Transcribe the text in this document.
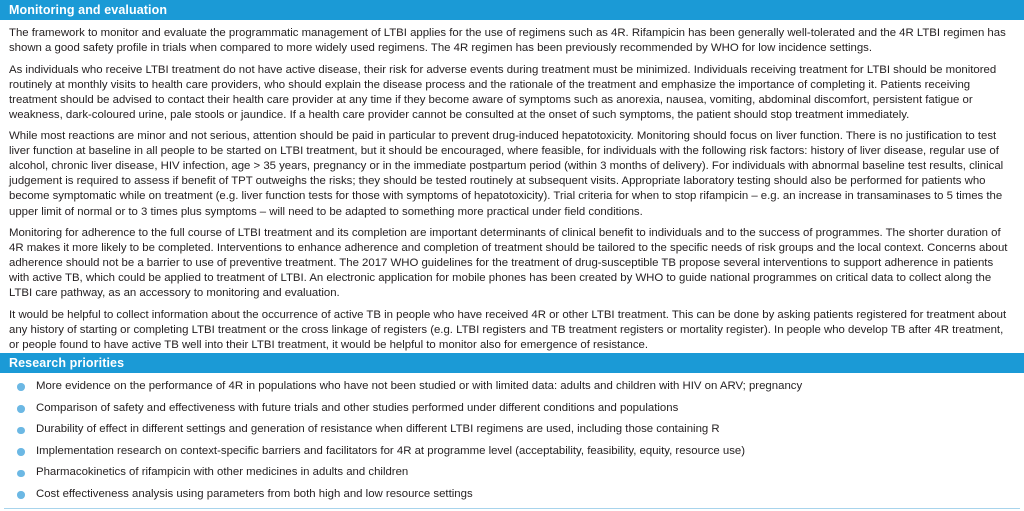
Monitoring and evaluation

The framework to monitor and evaluate the programmatic management of LTBI applies for the use of regimens such as 4R. Rifampicin has been generally well-tolerated and the 4R LTBI regimen has shown a good safety profile in trials when compared to more widely used regimens. The 4R regimen has been previously recommended by WHO for low incidence settings.

As individuals who receive LTBI treatment do not have active disease, their risk for adverse events during treatment must be minimized. Individuals receiving treatment for LTBI should be monitored routinely at monthly visits to health care providers, who should explain the disease process and the rationale of the treatment and emphasize the importance of completing it. Patients receiving treatment should be advised to contact their health care provider at any time if they become aware of symptoms such as anorexia, nausea, vomiting, abdominal discomfort, persistent fatigue or weakness, dark-coloured urine, pale stools or jaundice. If a health care provider cannot be consulted at the onset of such symptoms, the patient should stop treatment immediately.

While most reactions are minor and not serious, attention should be paid in particular to prevent drug-induced hepatotoxicity. Monitoring should focus on liver function. There is no justification to test liver function at baseline in all people to be started on LTBI treatment, but it should be encouraged, where feasible, for individuals with the following risk factors: history of liver disease, regular use of alcohol, chronic liver disease, HIV infection, age > 35 years, pregnancy or in the immediate postpartum period (within 3 months of delivery). For individuals with abnormal baseline test results, clinical judgement is required to assess if benefit of TPT outweighs the risks; they should be tested routinely at subsequent visits. Appropriate laboratory testing should also be performed for patients who become symptomatic while on treatment (e.g. liver function tests for those with symptoms of hepatotoxicity). Trial criteria for when to stop rifampicin – e.g. an increase in transaminases to 5 times the upper limit of normal or to 3 times plus symptoms – will need to be adapted to something more practical under field conditions.

Monitoring for adherence to the full course of LTBI treatment and its completion are important determinants of clinical benefit to individuals and to the success of programmes. The shorter duration of 4R makes it more likely to be completed. Interventions to enhance adherence and completion of treatment should be tailored to the specific needs of risk groups and the local context. Concerns about adherence should not be a barrier to use of preventive treatment. The 2017 WHO guidelines for the treatment of drug-susceptible TB propose several interventions to support adherence in patients with active TB, which could be applied to treatment of LTBI. An electronic application for mobile phones has been created by WHO to guide national programmes on critical data to collect along the LTBI care pathway, as an accessory to monitoring and evaluation.

It would be helpful to collect information about the occurrence of active TB in people who have received 4R or other LTBI treatment. This can be done by asking patients registered for treatment about any history of starting or completing LTBI treatment or the cross linkage of registers (e.g. LTBI registers and TB treatment registers or mortality register). In people who develop TB after 4R treatment, or people found to have active TB well into their LTBI treatment, it would be helpful to monitor also for emergence of resistance.

Research priorities
More evidence on the performance of 4R in populations who have not been studied or with limited data: adults and children with HIV on ARV; pregnancy
Comparison of safety and effectiveness with future trials and other studies performed under different conditions and populations
Durability of effect in different settings and generation of resistance when different LTBI regimens are used, including those containing R
Implementation research on context-specific barriers and facilitators for 4R at programme level (acceptability, feasibility, equity, resource use)
Pharmacokinetics of rifampicin with other medicines in adults and children
Cost effectiveness analysis using parameters from both high and low resource settings
